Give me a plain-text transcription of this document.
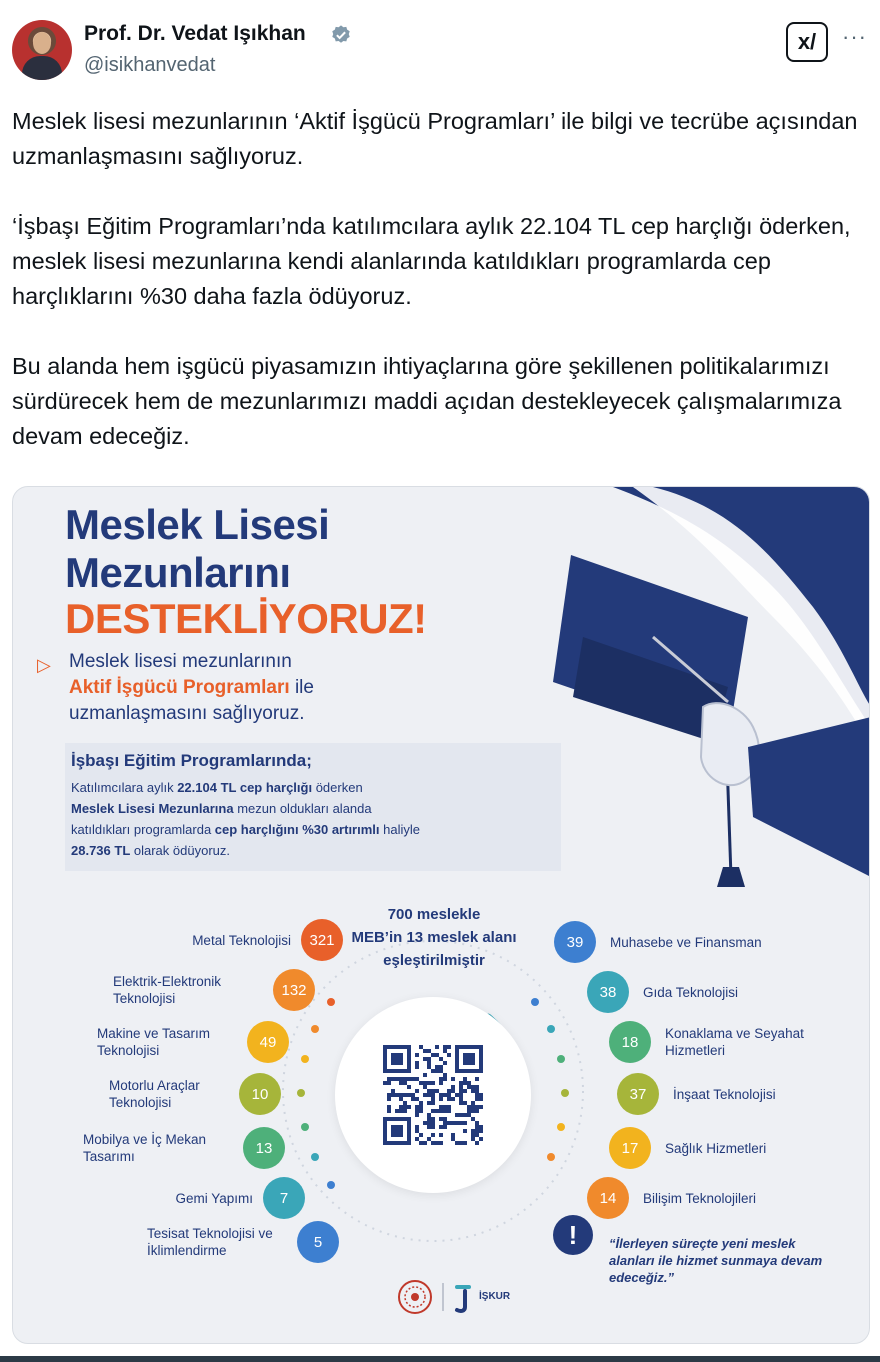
Prof. Dr. Vedat Işıkhan
@isikhanvedat
x/	···

Meslek lisesi mezunlarının ‘Aktif İşgücü Programları’ ile bilgi ve tecrübe açısından uzmanlaşmasını sağlıyoruz.

‘İşbaşı Eğitim Programları’nda katılımcılara aylık 22.104 TL cep harçlığı öderken, meslek lisesi mezunlarına kendi alanlarında katıldıkları programlarda cep harçlıklarını %30 daha fazla ödüyoruz.

Bu alanda hem işgücü piyasamızın ihtiyaçlarına göre şekillenen politikalarımızı sürdürecek hem de mezunlarımızı maddi açıdan destekleyecek çalışmalarımıza devam edeceğiz.

Meslek Lisesi
Mezunlarını
DESTEKLİYORUZ!
▷ Meslek lisesi mezunlarının
Aktif İşgücü Programları ile
uzmanlaşmasını sağlıyoruz.
İşbaşı Eğitim Programlarında;
Katılımcılara aylık 22.104 TL cep harçlığı öderken
Meslek Lisesi Mezunlarına mezun oldukları alanda
katıldıkları programlarda cep harçlığını %30 artırımlı haliyle
28.736 TL olarak ödüyoruz.
700 meslekle
MEB’in 13 meslek alanı
eşleştirilmiştir
Metal Teknolojisi	321
Elektrik-Elektronik Teknolojisi	132
Makine ve Tasarım Teknolojisi	49
Motorlu Araçlar Teknolojisi	10
Mobilya ve İç Mekan Tasarımı	13
Gemi Yapımı	7
Tesisat Teknolojisi ve İklimlendirme	5
39	Muhasebe ve Finansman
38	Gıda Teknolojisi
18	Konaklama ve Seyahat Hizmetleri
37	İnşaat Teknolojisi
17	Sağlık Hizmetleri
14	Bilişim Teknolojileri
!	“İlerleyen süreçte yeni meslek alanları ile hizmet sunmaya devam edeceğiz.”
İŞKUR
